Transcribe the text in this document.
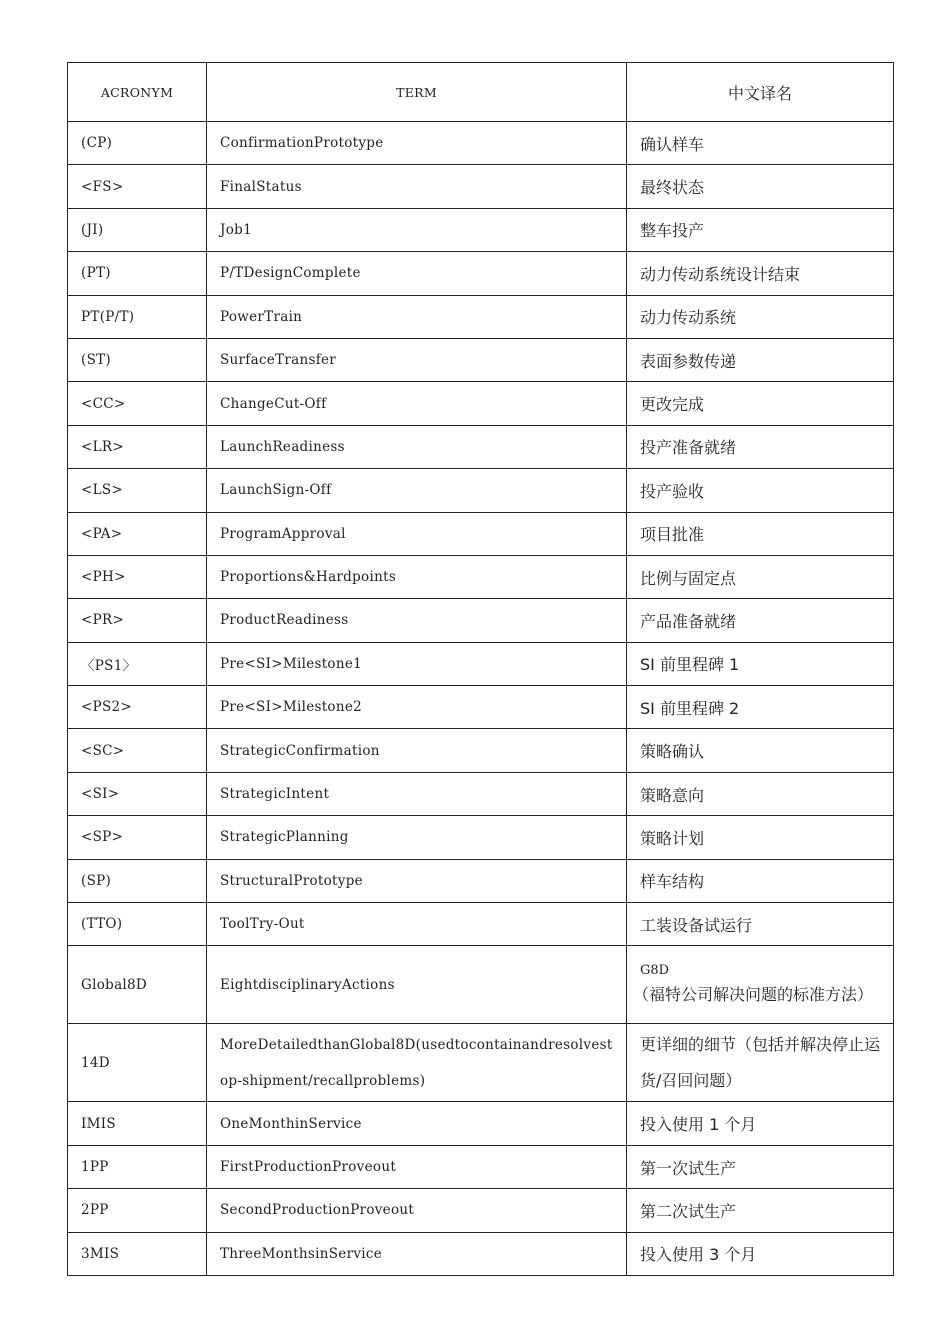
ACRONYM	TERM	中文译名
(CP)	ConfirmationPrototype	确认样车
<FS>	FinalStatus	最终状态
(JI)	Job1	整车投产
(PT)	P/TDesignComplete	动力传动系统设计结束
PT(P/T)	PowerTrain	动力传动系统
(ST)	SurfaceTransfer	表面参数传递
<CC>	ChangeCut-Off	更改完成
<LR>	LaunchReadiness	投产准备就绪
<LS>	LaunchSign-Off	投产验收
<PA>	ProgramApproval	项目批准
<PH>	Proportions&Hardpoints	比例与固定点
<PR>	ProductReadiness	产品准备就绪
〈PS1〉	Pre<SI>Milestone1	SI 前里程碑 1
<PS2>	Pre<SI>Milestone2	SI 前里程碑 2
<SC>	StrategicConfirmation	策略确认
<SI>	StrategicIntent	策略意向
<SP>	StrategicPlanning	策略计划
(SP)	StructuralPrototype	样车结构
(TTO)	ToolTry-Out	工装设备试运行
Global8D	EightdisciplinaryActions	G8D
（福特公司解决问题的标准方法）

14D	MoreDetailedthanGlobal8D(usedtocontainandresolvestop-shipment/recallproblems)	更详细的细节（包括并解决停止运货/召回问题）
IMIS	OneMonthinService	投入使用 1 个月
1PP	FirstProductionProveout	第一次试生产
2PP	SecondProductionProveout	第二次试生产
3MIS	ThreeMonthsinService	投入使用 3 个月
